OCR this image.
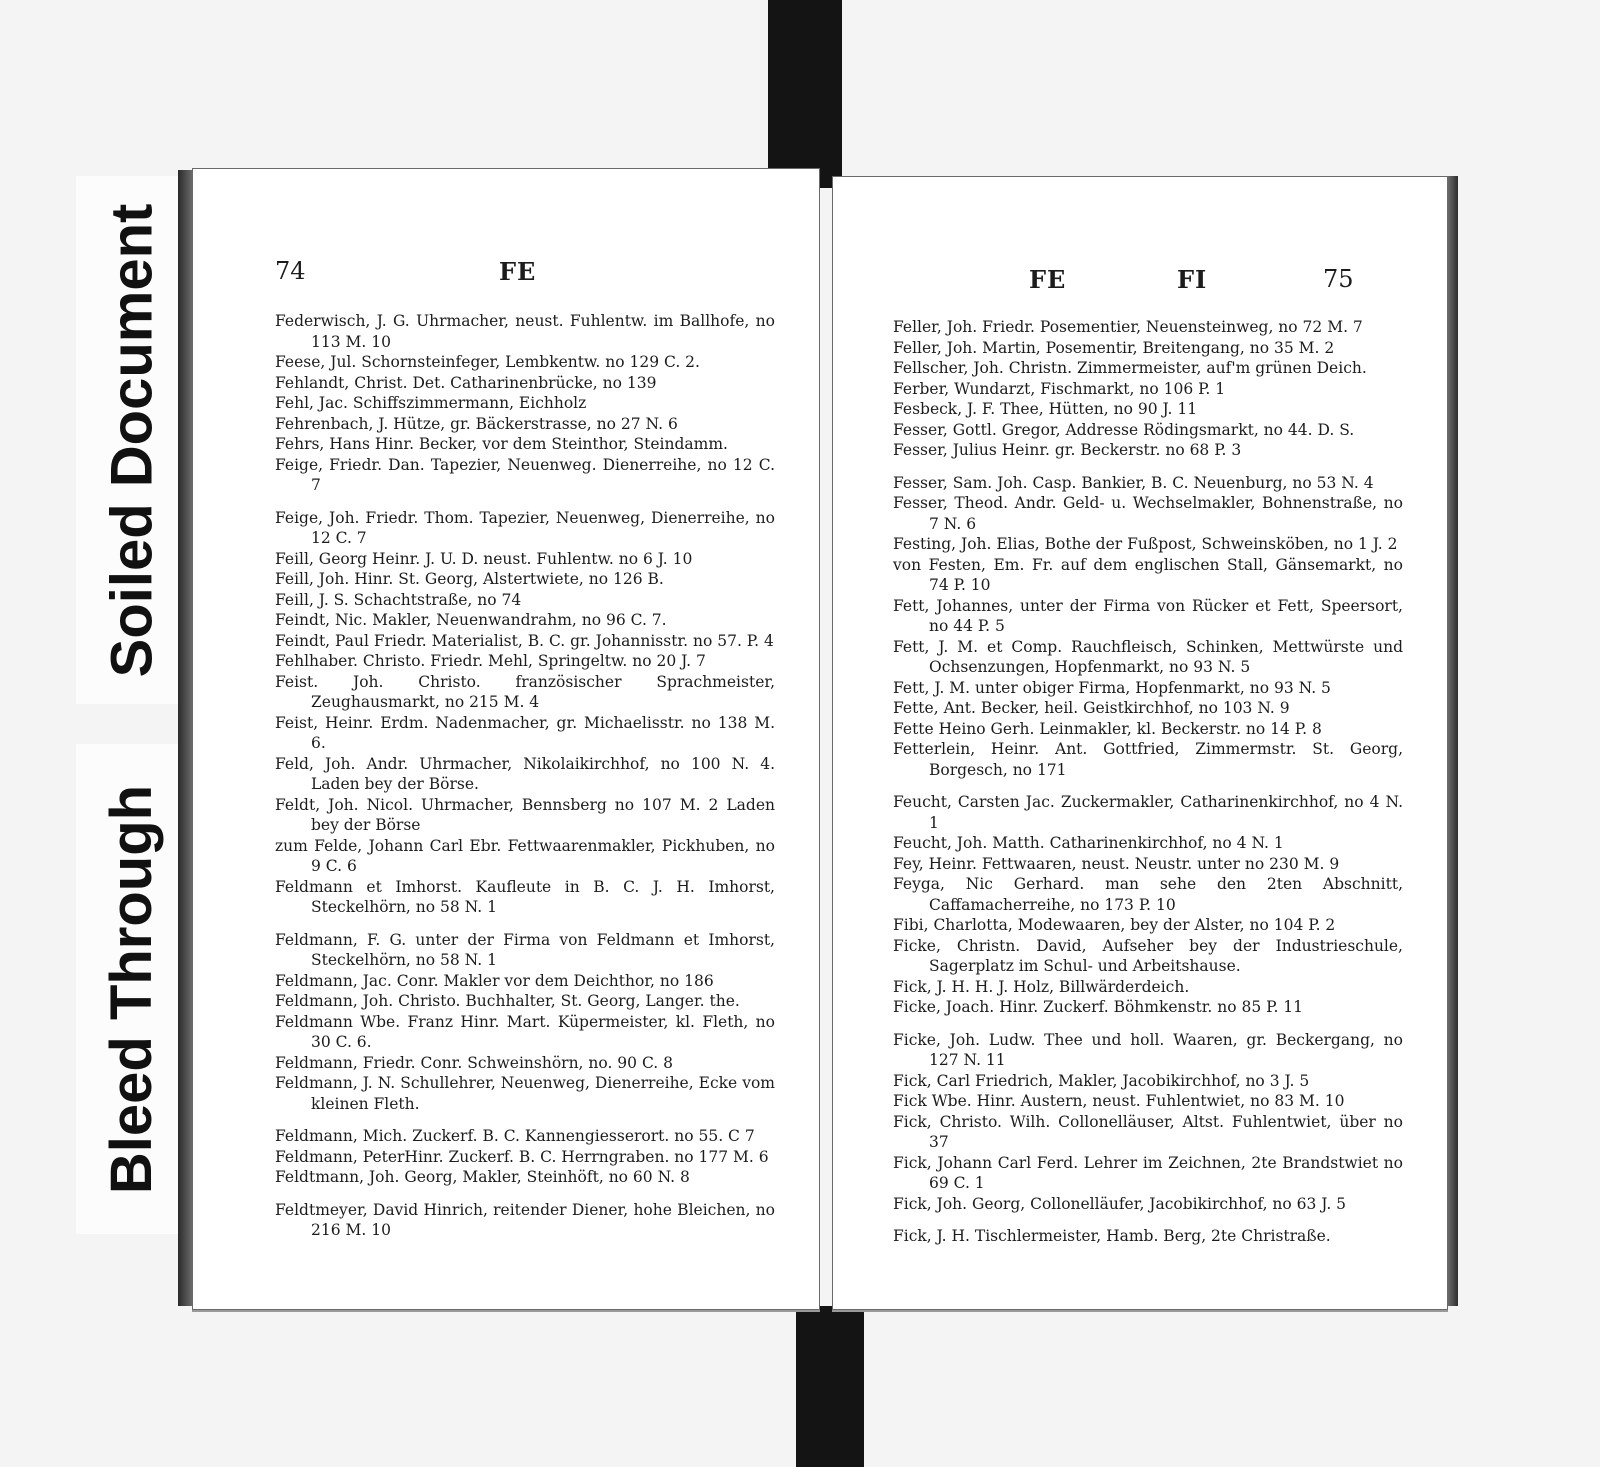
Soiled Document
Bleed Through
74	FE
Federwisch, J. G. Uhrmacher, neust. Fuhlentw. im Ballhofe, no 113 M. 10
Feese, Jul. Schornsteinfeger, Lembkentw. no 129 C. 2.
Fehlandt, Christ. Det. Catharinenbrücke, no 139
Fehl, Jac. Schiffszimmermann, Eichholz
Fehrenbach, J. Hütze, gr. Bäckerstrasse, no 27 N. 6
Fehrs, Hans Hinr. Becker, vor dem Steinthor, Steindamm.
Feige, Friedr. Dan. Tapezier, Neuenweg. Dienerreihe, no 12 C. 7
Feige, Joh. Friedr. Thom. Tapezier, Neuenweg, Dienerreihe, no 12 C. 7
Feill, Georg Heinr. J. U. D. neust. Fuhlentw. no 6 J. 10
Feill, Joh. Hinr. St. Georg, Alstertwiete, no 126 B.
Feill, J. S. Schachtstraße, no 74
Feindt, Nic. Makler, Neuenwandrahm, no 96 C. 7.
Feindt, Paul Friedr. Materialist, B. C. gr. Johannisstr. no 57. P. 4
Fehlhaber. Christo. Friedr. Mehl, Springeltw. no 20 J. 7
Feist. Joh. Christo. französischer Sprachmeister, Zeughausmarkt, no 215 M. 4
Feist, Heinr. Erdm. Nadenmacher, gr. Michaelisstr. no 138 M. 6.
Feld, Joh. Andr. Uhrmacher, Nikolaikirchhof, no 100 N. 4. Laden bey der Börse.
Feldt, Joh. Nicol. Uhrmacher, Bennsberg no 107 M. 2 Laden bey der Börse
zum Felde, Johann Carl Ebr. Fettwaarenmakler, Pickhuben, no 9 C. 6
Feldmann et Imhorst. Kaufleute in B. C. J. H. Imhorst, Steckelhörn, no 58 N. 1
Feldmann, F. G. unter der Firma von Feldmann et Imhorst, Steckelhörn, no 58 N. 1
Feldmann, Jac. Conr. Makler vor dem Deichthor, no 186
Feldmann, Joh. Christo. Buchhalter, St. Georg, Langer. the.
Feldmann Wbe. Franz Hinr. Mart. Küpermeister, kl. Fleth, no 30 C. 6.
Feldmann, Friedr. Conr. Schweinshörn, no. 90 C. 8
Feldmann, J. N. Schullehrer, Neuenweg, Dienerreihe, Ecke vom kleinen Fleth.
Feldmann, Mich. Zuckerf. B. C. Kannengiesserort. no 55. C 7
Feldmann, PeterHinr. Zuckerf. B. C. Herrngraben. no 177 M. 6
Feldtmann, Joh. Georg, Makler, Steinhöft, no 60 N. 8
Feldtmeyer, David Hinrich, reitender Diener, hohe Bleichen, no 216 M. 10
FE	FI	75
Feller, Joh. Friedr. Posementier, Neuensteinweg, no 72 M. 7
Feller, Joh. Martin, Posementir, Breitengang, no 35 M. 2
Fellscher, Joh. Christn. Zimmermeister, auf'm grünen Deich.
Ferber, Wundarzt, Fischmarkt, no 106 P. 1
Fesbeck, J. F. Thee, Hütten, no 90 J. 11
Fesser, Gottl. Gregor, Addresse Rödingsmarkt, no 44. D. S.
Fesser, Julius Heinr. gr. Beckerstr. no 68 P. 3
Fesser, Sam. Joh. Casp. Bankier, B. C. Neuenburg, no 53 N. 4
Fesser, Theod. Andr. Geld- u. Wechselmakler, Bohnenstraße, no 7 N. 6
Festing, Joh. Elias, Bothe der Fußpost, Schweinsköben, no 1 J. 2
von Festen, Em. Fr. auf dem englischen Stall, Gänsemarkt, no 74 P. 10
Fett, Johannes, unter der Firma von Rücker et Fett, Speersort, no 44 P. 5
Fett, J. M. et Comp. Rauchfleisch, Schinken, Mettwürste und Ochsenzungen, Hopfenmarkt, no 93 N. 5
Fett, J. M. unter obiger Firma, Hopfenmarkt, no 93 N. 5
Fette, Ant. Becker, heil. Geistkirchhof, no 103 N. 9
Fette Heino Gerh. Leinmakler, kl. Beckerstr. no 14 P. 8
Fetterlein, Heinr. Ant. Gottfried, Zimmermstr. St. Georg, Borgesch, no 171
Feucht, Carsten Jac. Zuckermakler, Catharinenkirchhof, no 4 N. 1
Feucht, Joh. Matth. Catharinenkirchhof, no 4 N. 1
Fey, Heinr. Fettwaaren, neust. Neustr. unter no 230 M. 9
Feyga, Nic Gerhard. man sehe den 2ten Abschnitt, Caffamacherreihe, no 173 P. 10
Fibi, Charlotta, Modewaaren, bey der Alster, no 104 P. 2
Ficke, Christn. David, Aufseher bey der Industrieschule, Sagerplatz im Schul- und Arbeitshause.
Fick, J. H. H. J. Holz, Billwärderdeich.
Ficke, Joach. Hinr. Zuckerf. Böhmkenstr. no 85 P. 11
Ficke, Joh. Ludw. Thee und holl. Waaren, gr. Beckergang, no 127 N. 11
Fick, Carl Friedrich, Makler, Jacobikirchhof, no 3 J. 5
Fick Wbe. Hinr. Austern, neust. Fuhlentwiet, no 83 M. 10
Fick, Christo. Wilh. Collonelläuser, Altst. Fuhlentwiet, über no 37
Fick, Johann Carl Ferd. Lehrer im Zeichnen, 2te Brandstwiet no 69 C. 1
Fick, Joh. Georg, Collonelläufer, Jacobikirchhof, no 63 J. 5
Fick, J. H. Tischlermeister, Hamb. Berg, 2te Christraße.
